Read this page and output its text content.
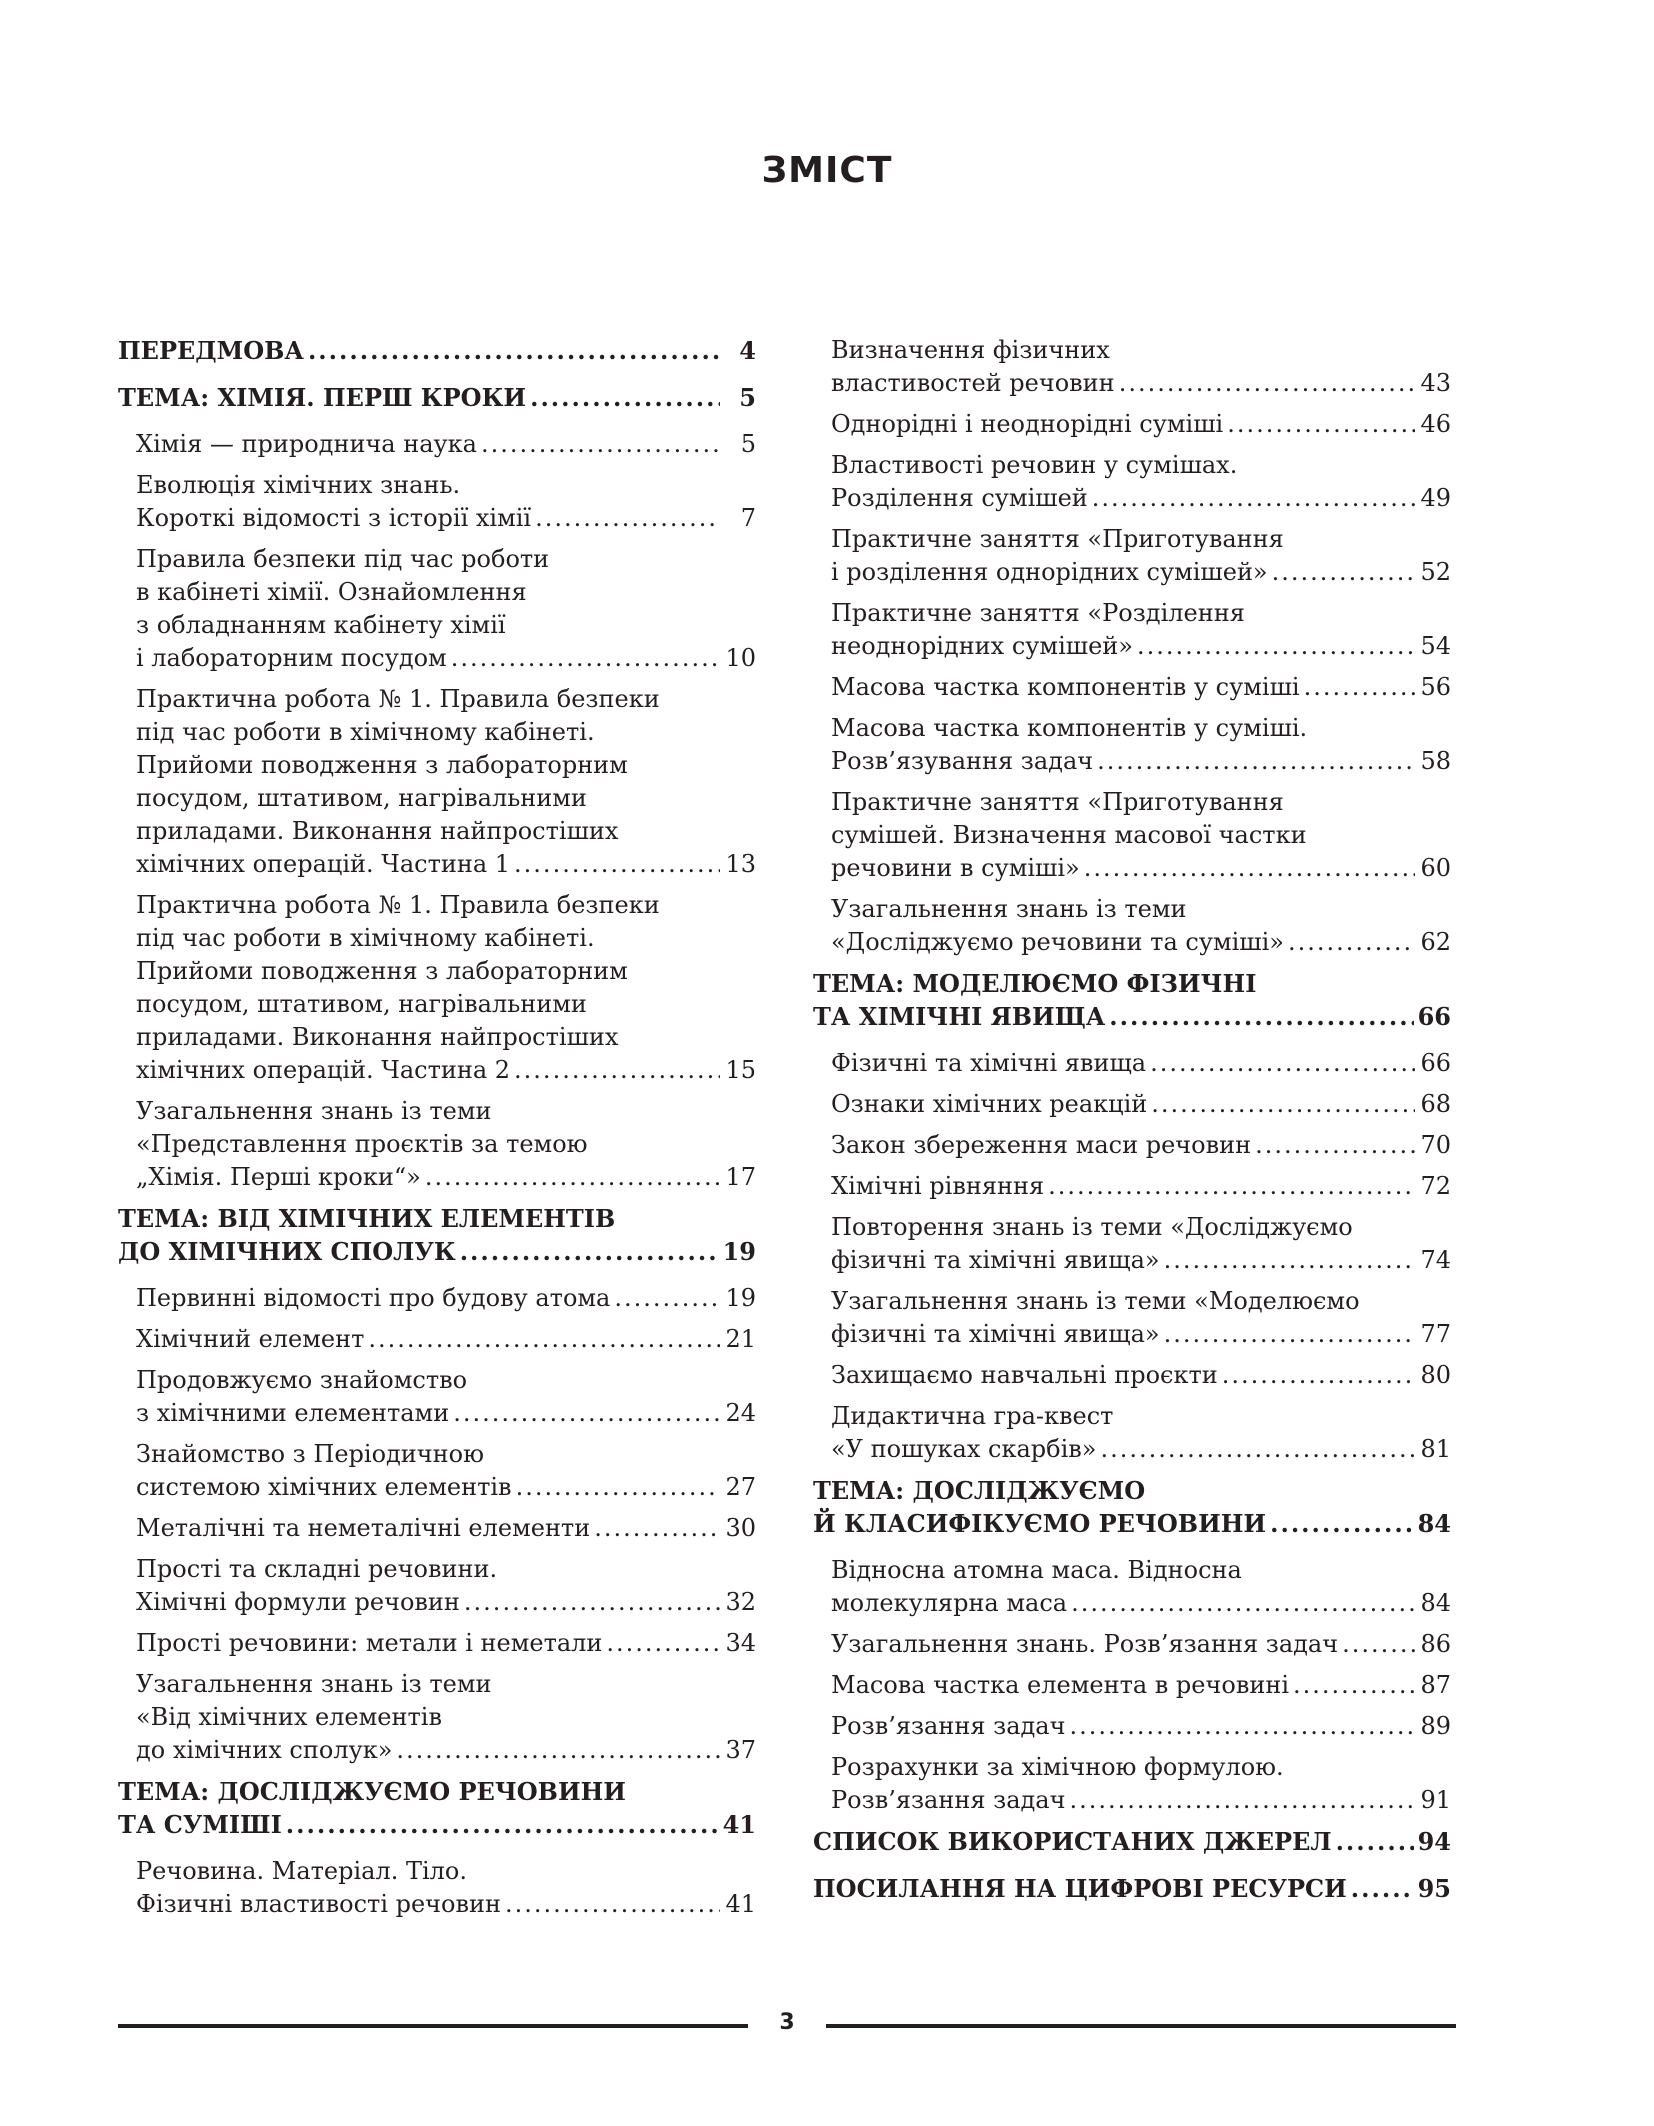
ЗМІСТ
ПЕРЕДМОВА .....	4
ТЕМА: ХІМІЯ. ПЕРШ КРОКИ .....	5
Хімія — природнича наука .....	5
Еволюція хімічних знань.
Короткі відомості з історії хімії .....	7
Правила безпеки під час роботи
в кабінеті хімії. Ознайомлення
з обладнанням кабінету хімії
і лабораторним посудом .....	10
Практична робота № 1. Правила безпеки
під час роботи в хімічному кабінеті.
Прийоми поводження з лабораторним
посудом, штативом, нагрівальними
приладами. Виконання найпростіших
хімічних операцій. Частина 1 .....	13
Практична робота № 1. Правила безпеки
під час роботи в хімічному кабінеті.
Прийоми поводження з лабораторним
посудом, штативом, нагрівальними
приладами. Виконання найпростіших
хімічних операцій. Частина 2 .....	15
Узагальнення знань із теми
«Представлення проєктів за темою
„Хімія. Перші кроки“» .....	17
ТЕМА: ВІД ХІМІЧНИХ ЕЛЕМЕНТІВ
ДО ХІМІЧНИХ СПОЛУК .....	19
Первинні відомості про будову атома .....	19
Хімічний елемент .....	21
Продовжуємо знайомство
з хімічними елементами .....	24
Знайомство з Періодичною
системою хімічних елементів .....	27
Металічні та неметалічні елементи .....	30
Прості та складні речовини.
Хімічні формули речовин .....	32
Прості речовини: метали і неметали .....	34
Узагальнення знань із теми
«Від хімічних елементів
до хімічних сполук» .....	37
ТЕМА: ДОСЛІДЖУЄМО РЕЧОВИНИ
ТА СУМІШІ .....	41
Речовина. Матеріал. Тіло.
Фізичні властивості речовин .....	41
Визначення фізичних
властивостей речовин .....	43
Однорідні і неоднорідні суміші .....	46
Властивості речовин у сумішах.
Розділення сумішей .....	49
Практичне заняття «Приготування
і розділення однорідних сумішей» .....	52
Практичне заняття «Розділення
неоднорідних сумішей» .....	54
Масова частка компонентів у суміші .....	56
Масова частка компонентів у суміші.
Розв’язування задач .....	58
Практичне заняття «Приготування
сумішей. Визначення масової частки
речовини в суміші» .....	60
Узагальнення знань із теми
«Досліджуємо речовини та суміші» .....	62
ТЕМА: МОДЕЛЮЄМО ФІЗИЧНІ
ТА ХІМІЧНІ ЯВИЩА .....	66
Фізичні та хімічні явища .....	66
Ознаки хімічних реакцій .....	68
Закон збереження маси речовин .....	70
Хімічні рівняння .....	72
Повторення знань із теми «Досліджуємо
фізичні та хімічні явища» .....	74
Узагальнення знань із теми «Моделюємо
фізичні та хімічні явища» .....	77
Захищаємо навчальні проєкти .....	80
Дидактична гра-квест
«У пошуках скарбів» .....	81
ТЕМА: ДОСЛІДЖУЄМО
Й КЛАСИФІКУЄМО РЕЧОВИНИ .....	84
Відносна атомна маса. Відносна
молекулярна маса .....	84
Узагальнення знань. Розв’язання задач .....	86
Масова частка елемента в речовині .....	87
Розв’язання задач .....	89
Розрахунки за хімічною формулою.
Розв’язання задач .....	91
СПИСОК ВИКОРИСТАНИХ ДЖЕРЕЛ .....	94
ПОСИЛАННЯ НА ЦИФРОВІ РЕСУРСИ .....	95
3
